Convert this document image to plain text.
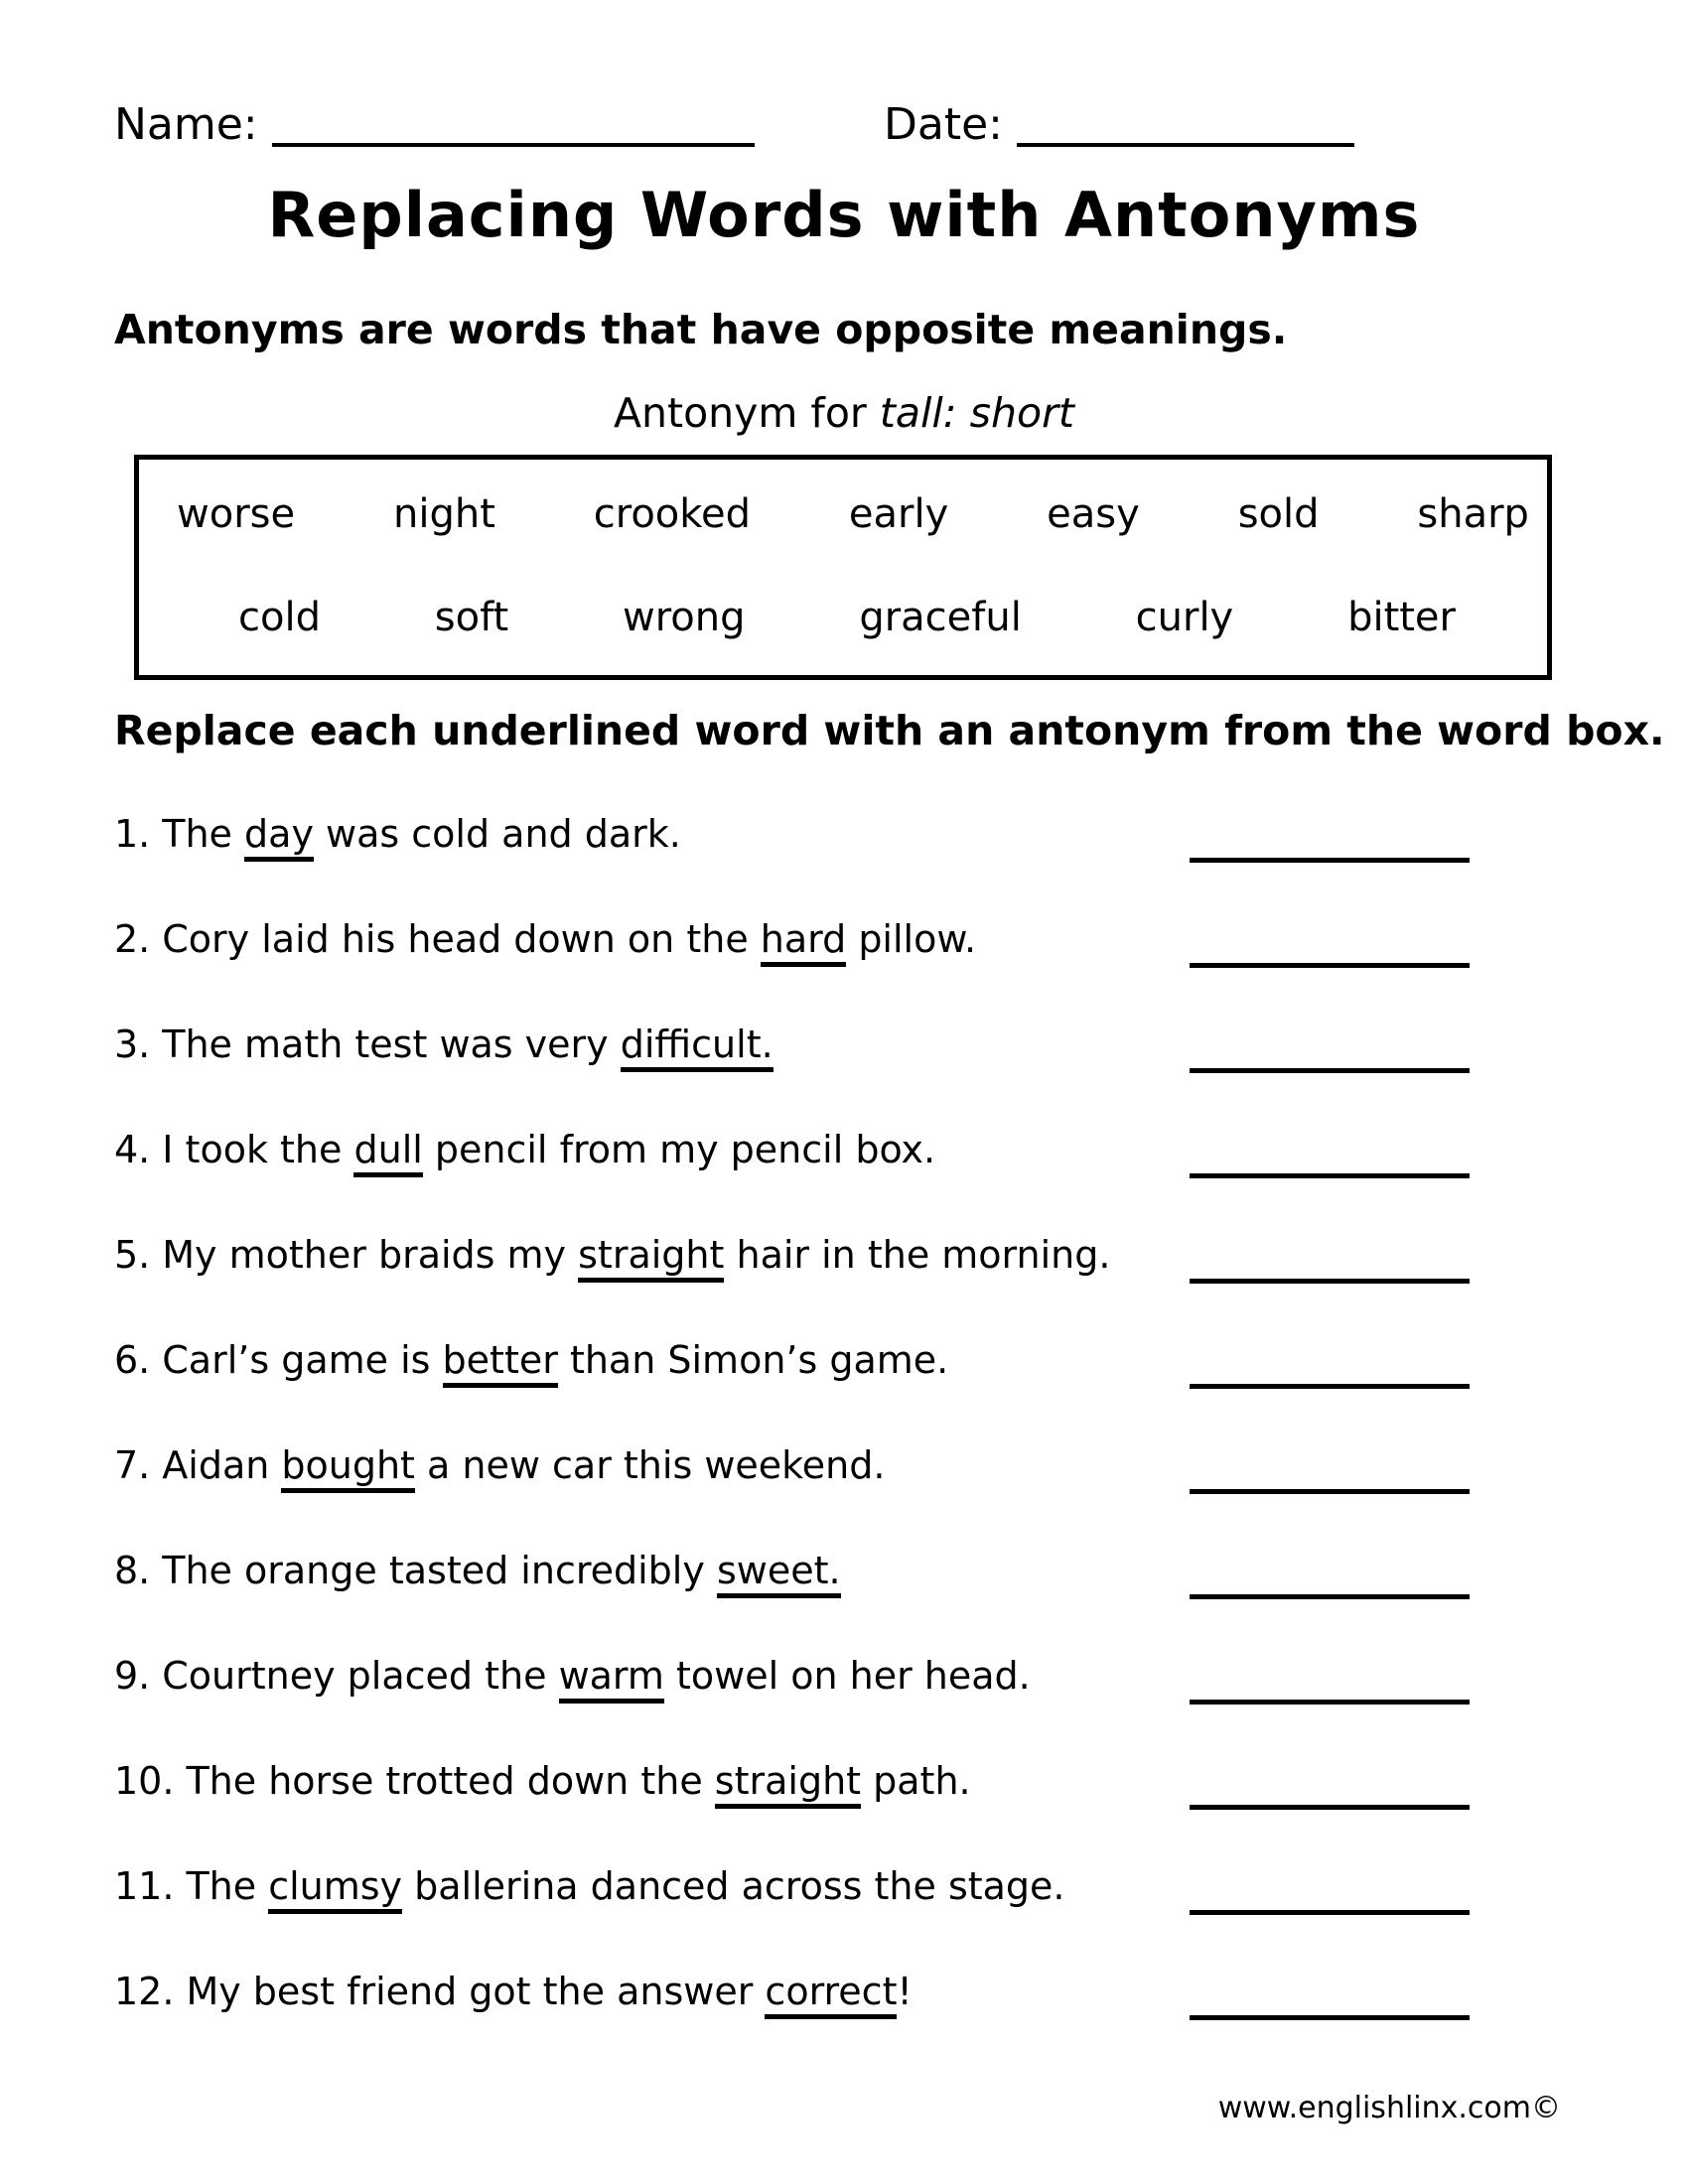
Name:	Date:
Replacing Words with Antonyms
Antonyms are words that have opposite meanings.
Antonym for tall: short
worse night crooked early easy sold sharp
cold	soft	wrong	graceful	curly	bitter
Replace each underlined word with an antonym from the word box.
1. The day was cold and dark.
2. Cory laid his head down on the hard pillow.
3. The math test was very difficult.
4. I took the dull pencil from my pencil box.
5. My mother braids my straight hair in the morning.
6. Carl’s game is better than Simon’s game.
7. Aidan bought a new car this weekend.
8. The orange tasted incredibly sweet.
9. Courtney placed the warm towel on her head.
10. The horse trotted down the straight path.
11. The clumsy ballerina danced across the stage.
12. My best friend got the answer correct!
www.englishlinx.com©
